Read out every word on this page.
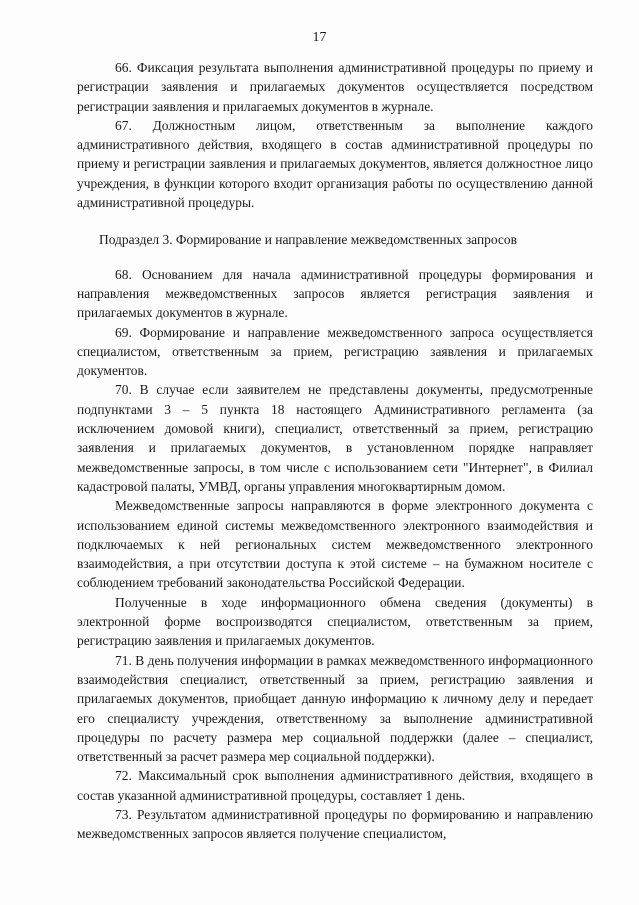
17

66. Фиксация результата выполнения административной процедуры по приему и регистрации заявления и прилагаемых документов осуществляется посредством регистрации заявления и прилагаемых документов в журнале.

67. Должностным лицом, ответственным за выполнение каждого административного действия, входящего в состав административной процедуры по приему и регистрации заявления и прилагаемых документов, является должностное лицо учреждения, в функции которого входит организация работы по осуществлению данной административной процедуры.

Подраздел 3. Формирование и направление межведомственных запросов

68. Основанием для начала административной процедуры формирования и направления межведомственных запросов является регистрация заявления и прилагаемых документов в журнале.

69. Формирование и направление межведомственного запроса осуществляется специалистом, ответственным за прием, регистрацию заявления и прилагаемых документов.

70. В случае если заявителем не представлены документы, предусмотренные подпунктами 3 – 5 пункта 18 настоящего Административного регламента (за исключением домовой книги), специалист, ответственный за прием, регистрацию заявления и прилагаемых документов, в установленном порядке направляет межведомственные запросы, в том числе с использованием сети "Интернет", в Филиал кадастровой палаты, УМВД, органы управления многоквартирным домом.

Межведомственные запросы направляются в форме электронного документа с использованием единой системы межведомственного электронного взаимодействия и подключаемых к ней региональных систем межведомственного электронного взаимодействия, а при отсутствии доступа к этой системе – на бумажном носителе с соблюдением требований законодательства Российской Федерации.

Полученные в ходе информационного обмена сведения (документы) в электронной форме воспроизводятся специалистом, ответственным за прием, регистрацию заявления и прилагаемых документов.

71. В день получения информации в рамках межведомственного информационного взаимодействия специалист, ответственный за прием, регистрацию заявления и прилагаемых документов, приобщает данную информацию к личному делу и передает его специалисту учреждения, ответственному за выполнение административной процедуры по расчету размера мер социальной поддержки (далее – специалист, ответственный за расчет размера мер социальной поддержки).

72. Максимальный срок выполнения административного действия, входящего в состав указанной административной процедуры, составляет 1 день.

73. Результатом административной процедуры по формированию и направлению межведомственных запросов является получение специалистом,
